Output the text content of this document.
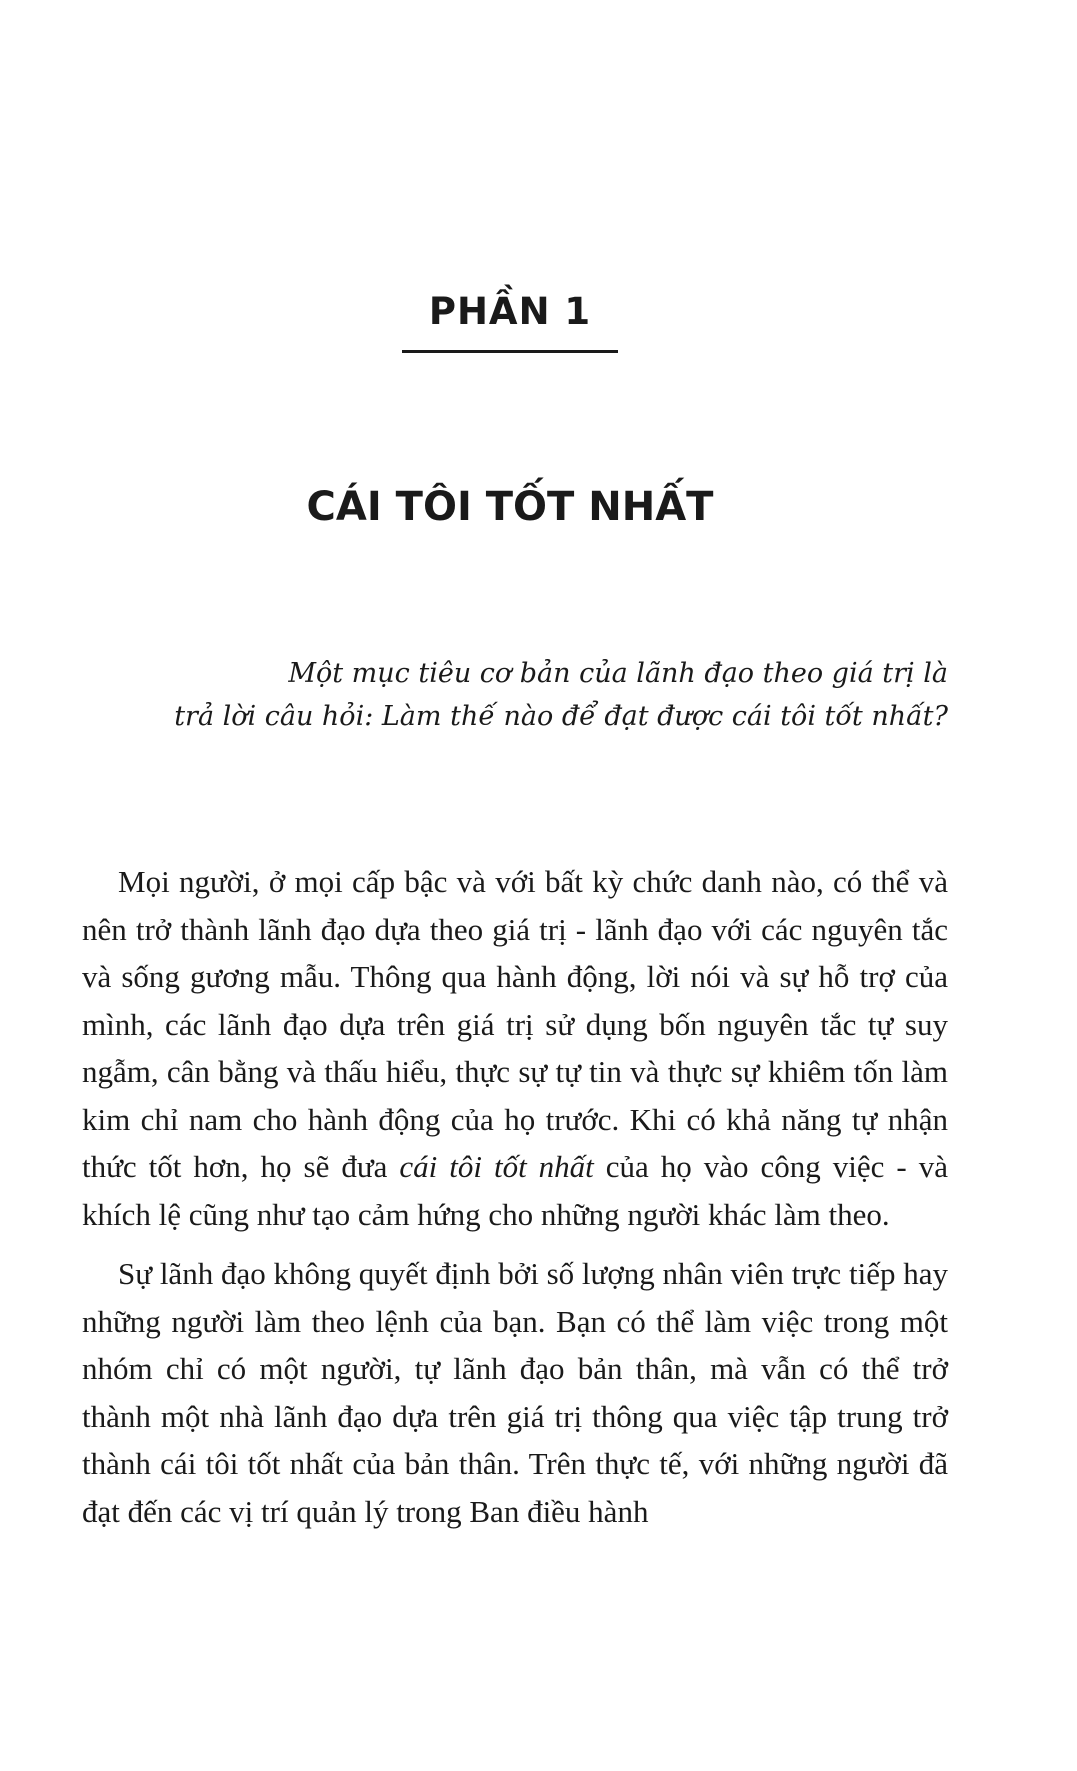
PHẦN 1
CÁI TÔI TỐT NHẤT
Một mục tiêu cơ bản của lãnh đạo theo giá trị là
trả lời câu hỏi: Làm thế nào để đạt được cái tôi tốt nhất?

Mọi người, ở mọi cấp bậc và với bất kỳ chức danh nào, có thể và nên trở thành lãnh đạo dựa theo giá trị - lãnh đạo với các nguyên tắc và sống gương mẫu. Thông qua hành động, lời nói và sự hỗ trợ của mình, các lãnh đạo dựa trên giá trị sử dụng bốn nguyên tắc tự suy ngẫm, cân bằng và thấu hiểu, thực sự tự tin và thực sự khiêm tốn làm kim chỉ nam cho hành động của họ trước. Khi có khả năng tự nhận thức tốt hơn, họ sẽ đưa cái tôi tốt nhất của họ vào công việc - và khích lệ cũng như tạo cảm hứng cho những người khác làm theo.

Sự lãnh đạo không quyết định bởi số lượng nhân viên trực tiếp hay những người làm theo lệnh của bạn. Bạn có thể làm việc trong một nhóm chỉ có một người, tự lãnh đạo bản thân, mà vẫn có thể trở thành một nhà lãnh đạo dựa trên giá trị thông qua việc tập trung trở thành cái tôi tốt nhất của bản thân. Trên thực tế, với những người đã đạt đến các vị trí quản lý trong Ban điều hành
